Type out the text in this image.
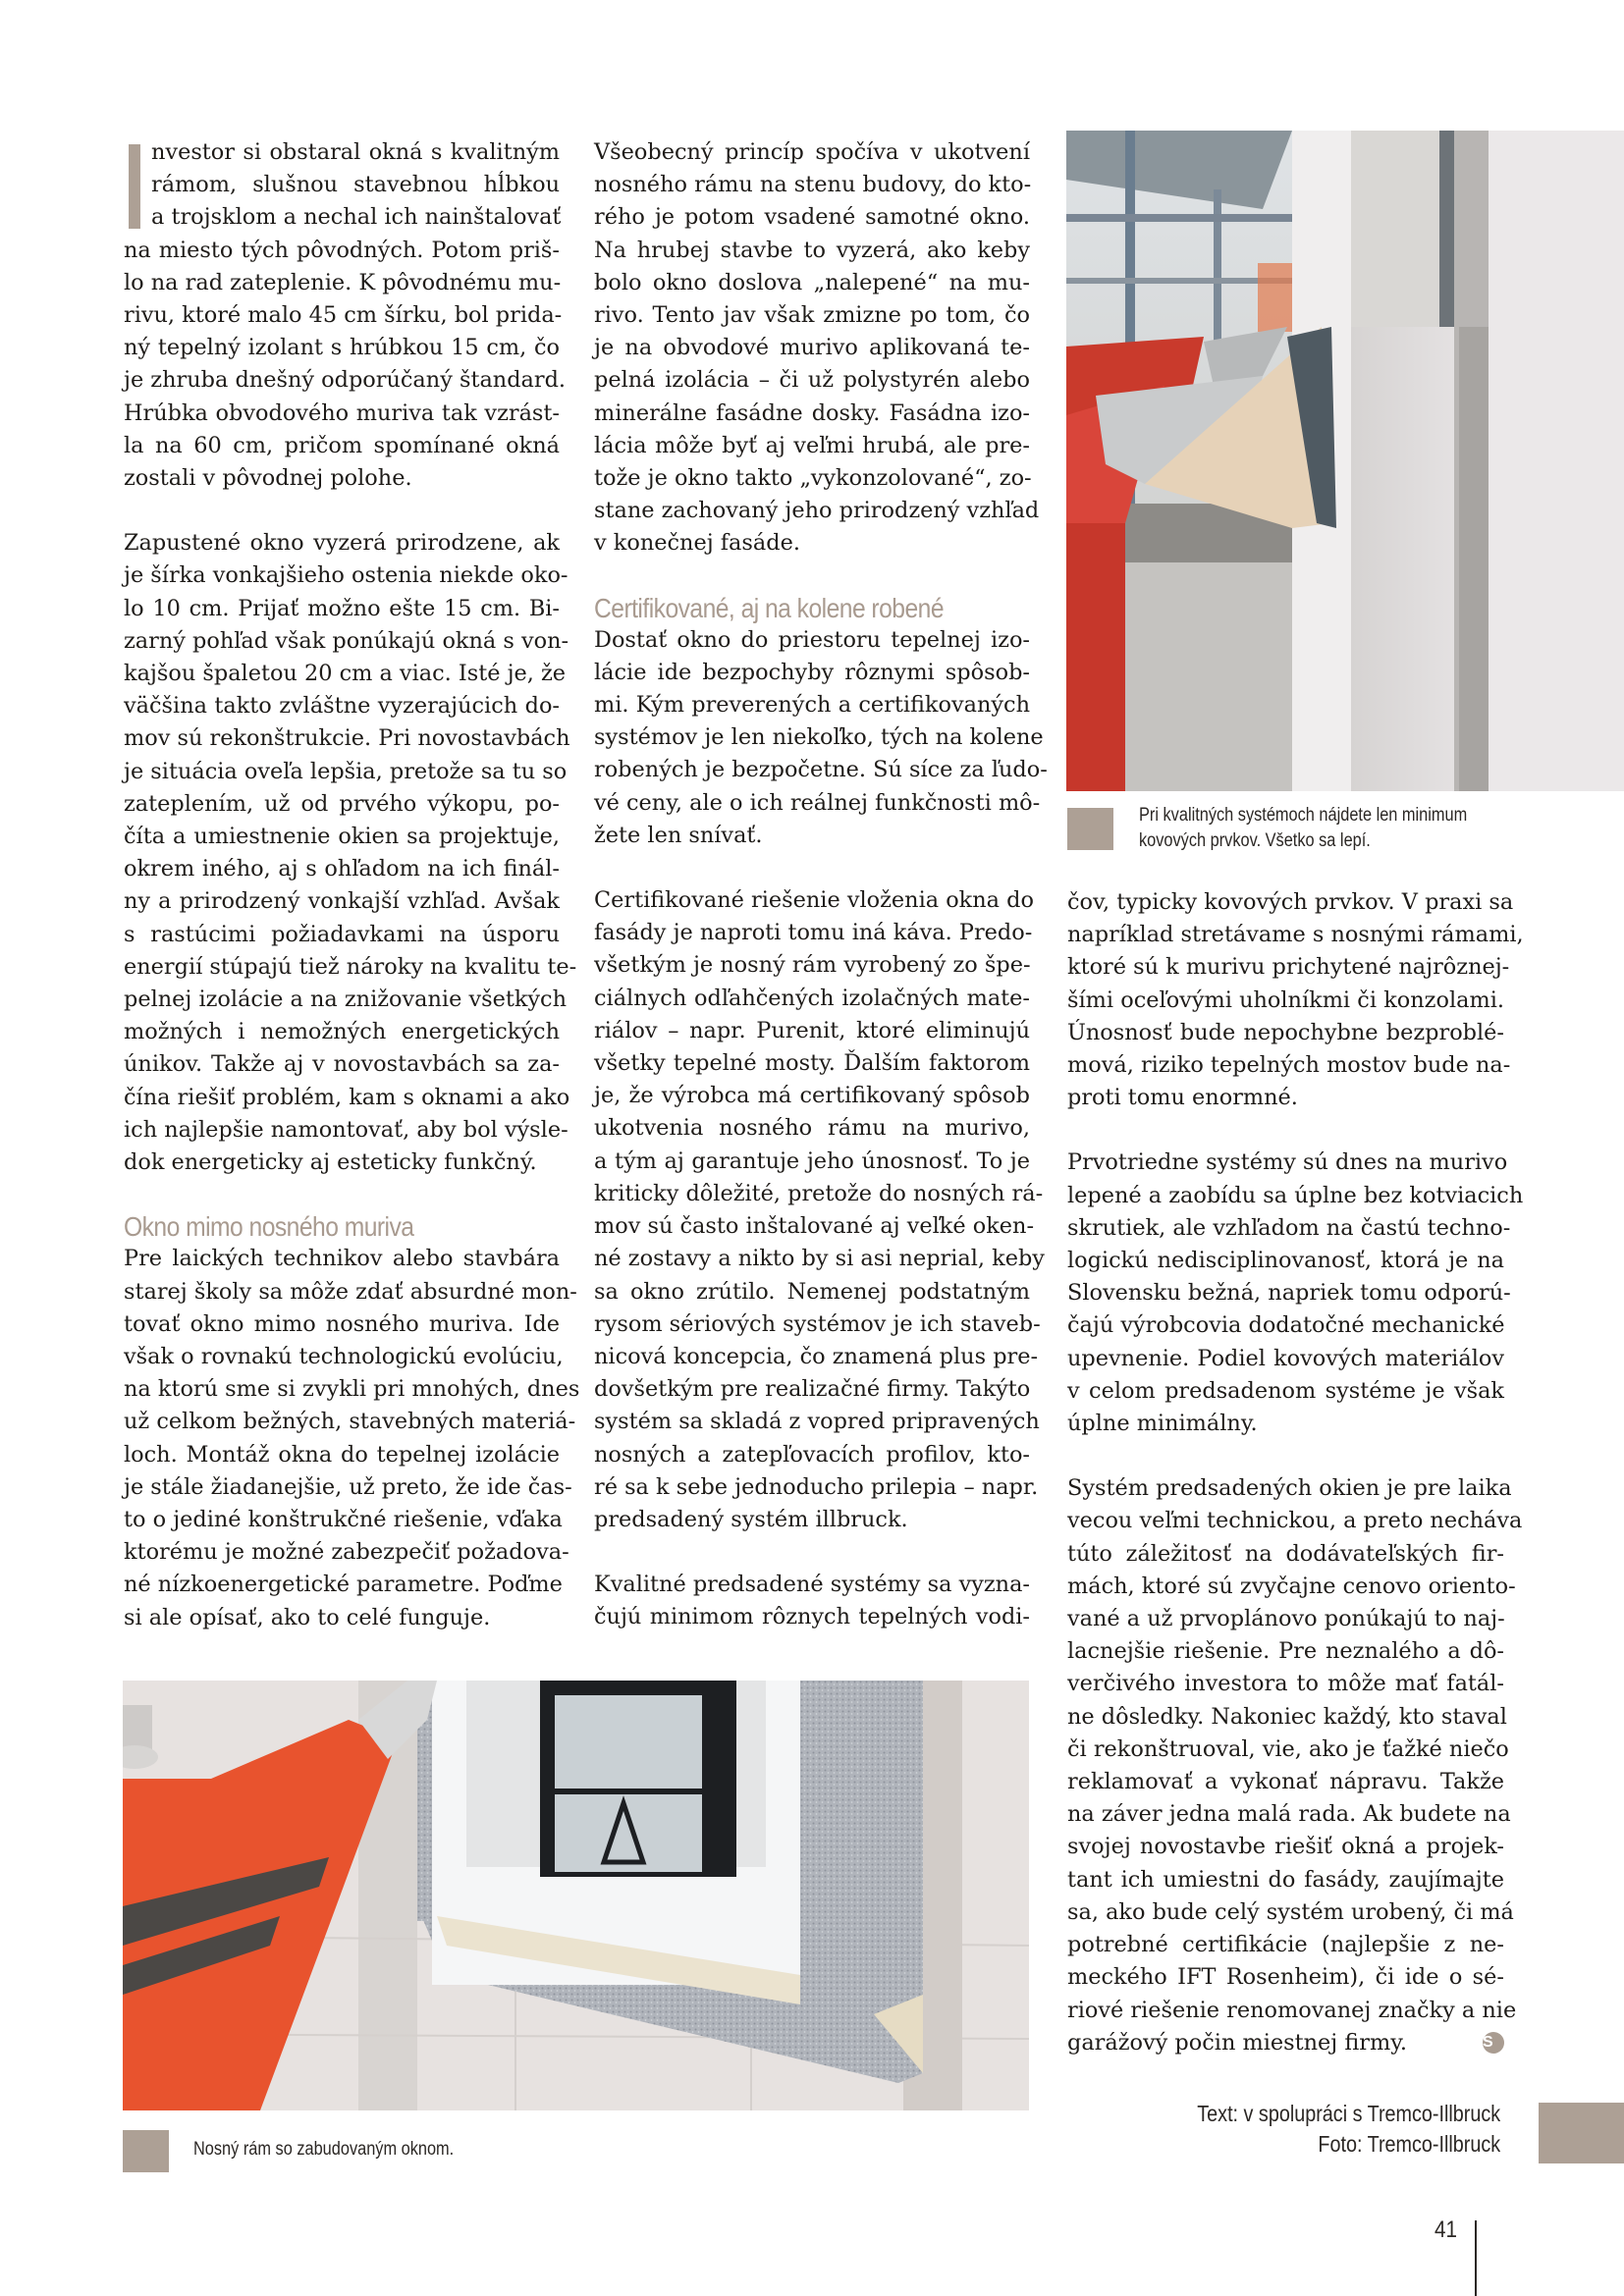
nvestor si obstaral okná s kvalitným
rámom, slušnou stavebnou hĺbkou
a trojsklom a nechal ich nainštalovať
na miesto tých pôvodných. Potom priš-
lo na rad zateplenie. K pôvodnému mu-
rivu, ktoré malo 45 cm šírku, bol prida-
ný tepelný izolant s hrúbkou 15 cm, čo
je zhruba dnešný odporúčaný štandard.
Hrúbka obvodového muriva tak vzrást-
la na 60 cm, pričom spomínané okná
zostali v pôvodnej polohe.

Zapustené okno vyzerá prirodzene, ak
je šírka vonkajšieho ostenia niekde oko-
lo 10 cm. Prijať možno ešte 15 cm. Bi-
zarný pohľad však ponúkajú okná s von-
kajšou špaletou 20 cm a viac. Isté je, že
väčšina takto zvláštne vyzerajúcich do-
mov sú rekonštrukcie. Pri novostavbách
je situácia oveľa lepšia, pretože sa tu so
zateplením, už od prvého výkopu, po-
číta a umiestnenie okien sa projektuje,
okrem iného, aj s ohľadom na ich finál-
ny a prirodzený vonkajší vzhľad. Avšak
s rastúcimi požiadavkami na úsporu
energií stúpajú tiež nároky na kvalitu te-
pelnej izolácie a na znižovanie všetkých
možných i nemožných energetických
únikov. Takže aj v novostavbách sa za-
čína riešiť problém, kam s oknami a ako
ich najlepšie namontovať, aby bol výsle-
dok energeticky aj esteticky funkčný.

Okno mimo nosného muriva

Pre laických technikov alebo stavbára
starej školy sa môže zdať absurdné mon-
tovať okno mimo nosného muriva. Ide
však o rovnakú technologickú evolúciu,
na ktorú sme si zvykli pri mnohých, dnes
už celkom bežných, stavebných materiá-
loch. Montáž okna do tepelnej izolácie
je stále žiadanejšie, už preto, že ide čas-
to o jediné konštrukčné riešenie, vďaka
ktorému je možné zabezpečiť požadova-
né nízkoenergetické parametre. Poďme
si ale opísať, ako to celé funguje.

Všeobecný princíp spočíva v ukotvení
nosného rámu na stenu budovy, do kto-
rého je potom vsadené samotné okno.
Na hrubej stavbe to vyzerá, ako keby
bolo okno doslova „nalepené“ na mu-
rivo. Tento jav však zmizne po tom, čo
je na obvodové murivo aplikovaná te-
pelná izolácia – či už polystyrén alebo
minerálne fasádne dosky. Fasádna izo-
lácia môže byť aj veľmi hrubá, ale pre-
tože je okno takto „vykonzolované“, zo-
stane zachovaný jeho prirodzený vzhľad
v konečnej fasáde.

Certifikované, aj na kolene robené

Dostať okno do priestoru tepelnej izo-
lácie ide bezpochyby rôznymi spôsob-
mi. Kým preverených a certifikovaných
systémov je len niekoľko, tých na kolene
robených je bezpočetne. Sú síce za ľudo-
vé ceny, ale o ich reálnej funkčnosti mô-
žete len snívať.

Certifikované riešenie vloženia okna do
fasády je naproti tomu iná káva. Predo-
všetkým je nosný rám vyrobený zo špe-
ciálnych odľahčených izolačných mate-
riálov – napr. Purenit, ktoré eliminujú
všetky tepelné mosty. Ďalším faktorom
je, že výrobca má certifikovaný spôsob
ukotvenia nosného rámu na murivo,
a tým aj garantuje jeho únosnosť. To je
kriticky dôležité, pretože do nosných rá-
mov sú často inštalované aj veľké oken-
né zostavy a nikto by si asi neprial, keby
sa okno zrútilo. Nemenej podstatným
rysom sériových systémov je ich staveb-
nicová koncepcia, čo znamená plus pre-
dovšetkým pre realizačné firmy. Takýto
systém sa skladá z vopred pripravených
nosných a zatepľovacích profilov, kto-
ré sa k sebe jednoducho prilepia – napr.
predsadený systém illbruck.

Kvalitné predsadené systémy sa vyzna-
čujú minimom rôznych tepelných vodi-

čov, typicky kovových prvkov. V praxi sa
napríklad stretávame s nosnými rámami,
ktoré sú k murivu prichytené najrôznej-
šími oceľovými uholníkmi či konzolami.
Únosnosť bude nepochybne bezproblé-
mová, riziko tepelných mostov bude na-
proti tomu enormné.

Prvotriedne systémy sú dnes na murivo
lepené a zaobídu sa úplne bez kotviacich
skrutiek, ale vzhľadom na častú techno-
logickú nedisciplinovanosť, ktorá je na
Slovensku bežná, napriek tomu odporú-
čajú výrobcovia dodatočné mechanické
upevnenie. Podiel kovových materiálov
v celom predsadenom systéme je však
úplne minimálny.

Systém predsadených okien je pre laika
vecou veľmi technickou, a preto necháva
túto záležitosť na dodávateľských fir-
mách, ktoré sú zvyčajne cenovo oriento-
vané a už prvoplánovo ponúkajú to naj-
lacnejšie riešenie. Pre neznalého a dô-
verčivého investora to môže mať fatál-
ne dôsledky. Nakoniec každý, kto staval
či rekonštruoval, vie, ako je ťažké niečo
reklamovať a vykonať nápravu. Takže
na záver jedna malá rada. Ak budete na
svojej novostavbe riešiť okná a projek-
tant ich umiestni do fasády, zaujímajte
sa, ako bude celý systém urobený, či má
potrebné certifikácie (najlepšie z ne-
meckého IFT Rosenheim), či ide o sé-
riové riešenie renomovanej značky a nie
garážový počin miestnej firmy.	S

Pri kvalitných systémoch nájdete len minimum
kovových prvkov. Všetko sa lepí.
Nosný rám so zabudovaným oknom.
Text: v spolupráci s Tremco-Illbruck
Foto: Tremco-Illbruck
41
